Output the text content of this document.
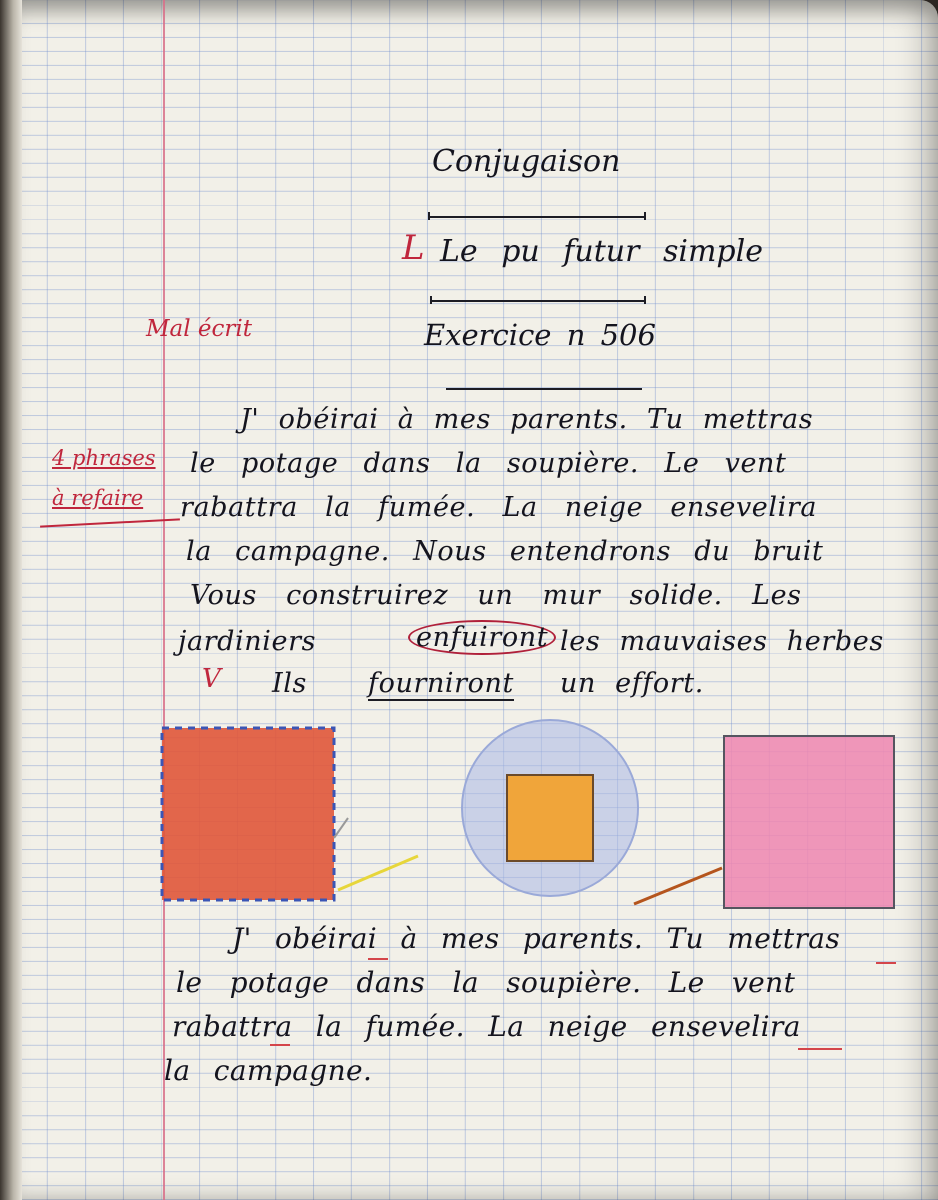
Conjugaison
L Le pu futur simple
Exercice n 506
Mal écrit
4 phrases
à refaire
J' obéirai à mes parents. Tu mettras
le potage dans la soupière. Le vent
rabattra la fumée. La neige ensevelira
la campagne. Nous entendrons du bruit
Vous construirez un mur solide. Les
jardiniers	enfuiront les mauvaises herbes
V Ils fourniront un effort.
J' obéirai à mes parents. Tu mettras
le potage dans la soupière. Le vent
rabattra la fumée. La neige ensevelira
la campagne.
